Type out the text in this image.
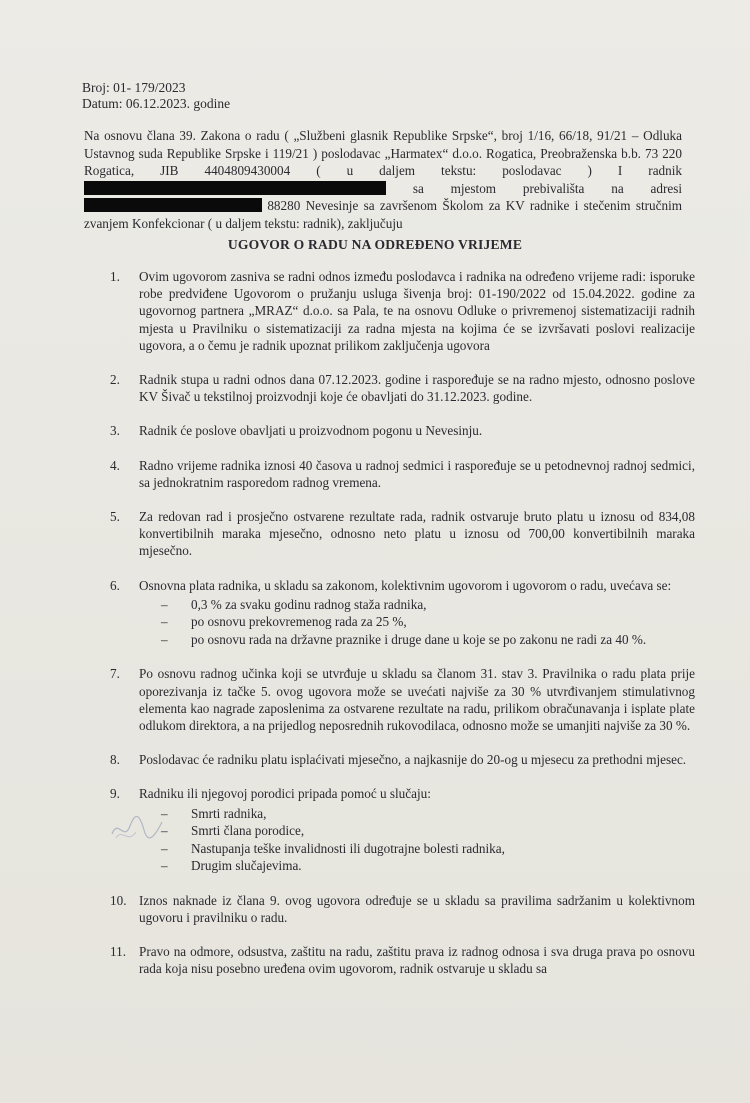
Broj: 01- 179/2023
Datum: 06.12.2023. godine
Na osnovu člana 39. Zakona o radu ( „Službeni glasnik Republike Srpske“, broj 1/16, 66/18, 91/21 – Odluka Ustavnog suda Republike Srpske i 119/21 ) poslodavac „Harmatex“ d.o.o. Rogatica, Preobraženska b.b. 73 220 Rogatica, JIB 4404809430004 ( u daljem tekstu: poslodavac ) I radnik  sa mjestom prebivališta na adresi  88280 Nevesinje sa završenom Školom za KV radnike i stečenim stručnim zvanjem Konfekcionar ( u daljem tekstu: radnik), zaključuju
UGOVOR O RADU NA ODREĐENO VRIJEME
1. Ovim ugovorom zasniva se radni odnos između poslodavca i radnika na određeno vrijeme radi: isporuke robe predviđene Ugovorom o pružanju usluga šivenja broj: 01-190/2022 od 15.04.2022. godine za ugovornog partnera „MRAZ“ d.o.o. sa Pala, te na osnovu Odluke o privremenoj sistematizaciji radnih mjesta u Pravilniku o sistematizaciji za radna mjesta na kojima će se izvršavati poslovi realizacije ugovora, a o čemu je radnik upoznat prilikom zaključenja ugovora
2. Radnik stupa u radni odnos dana 07.12.2023. godine i raspoređuje se na radno mjesto, odnosno poslove KV Šivač u tekstilnoj proizvodnji koje će obavljati do 31.12.2023. godine.
3. Radnik će poslove obavljati u proizvodnom pogonu u Nevesinju.
4. Radno vrijeme radnika iznosi 40 časova u radnoj sedmici i raspoređuje se u petodnevnoj radnoj sedmici, sa jednokratnim rasporedom radnog vremena.
5. Za redovan rad i prosječno ostvarene rezultate rada, radnik ostvaruje bruto platu u iznosu od 834,08 konvertibilnih maraka mjesečno, odnosno neto platu u iznosu od 700,00 konvertibilnih maraka mjesečno.
6. Osnovna plata radnika, u skladu sa zakonom, kolektivnim ugovorom i ugovorom o radu, uvećava se:
– 0,3 % za svaku godinu radnog staža radnika,
– po osnovu prekovremenog rada za 25 %,
– po osnovu rada na državne praznike i druge dane u koje se po zakonu ne radi za 40 %.
7. Po osnovu radnog učinka koji se utvrđuje u skladu sa članom 31. stav 3. Pravilnika o radu plata prije oporezivanja iz tačke 5. ovog ugovora može se uvećati najviše za 30 % utvrđivanjem stimulativnog elementa kao nagrade zaposlenima za ostvarene rezultate na radu, prilikom obračunavanja i isplate plate odlukom direktora, a na prijedlog neposrednih rukovodilaca, odnosno može se umanjiti najviše za 30 %.
8. Poslodavac će radniku platu isplaćivati mjesečno, a najkasnije do 20-og u mjesecu za prethodni mjesec.
9. Radniku ili njegovoj porodici pripada pomoć u slučaju:
– Smrti radnika,
– Smrti člana porodice,
– Nastupanja teške invalidnosti ili dugotrajne bolesti radnika,
– Drugim slučajevima.
10. Iznos naknade iz člana 9. ovog ugovora određuje se u skladu sa pravilima sadržanim u kolektivnom ugovoru i pravilniku o radu.
11. Pravo na odmore, odsustva, zaštitu na radu, zaštitu prava iz radnog odnosa i sva druga prava po osnovu rada koja nisu posebno uređena ovim ugovorom, radnik ostvaruje u skladu sa
